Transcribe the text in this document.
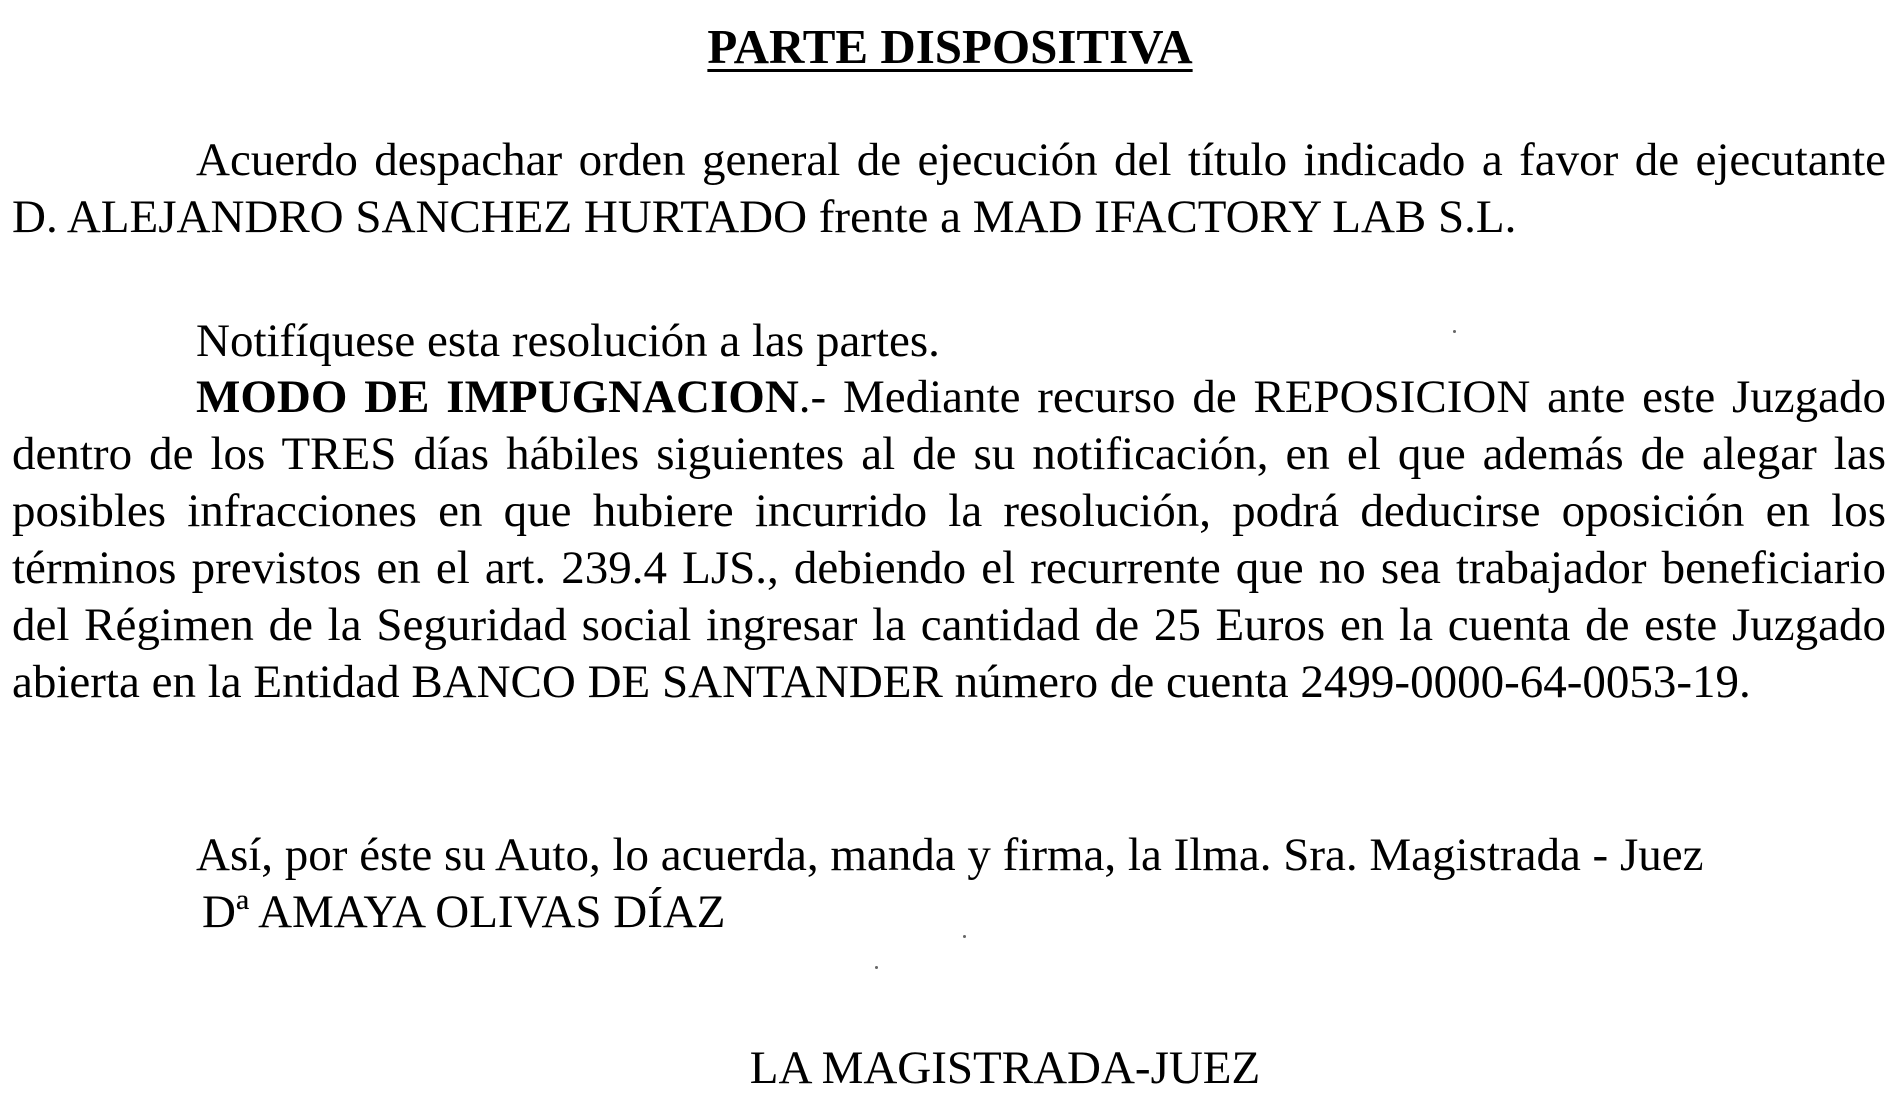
PARTE DISPOSITIVA

Acuerdo despachar orden general de ejecución del título indicado a favor de ejecutante D. ALEJANDRO SANCHEZ HURTADO frente a MAD IFACTORY LAB S.L.

Notifíquese esta resolución a las partes.

MODO DE IMPUGNACION.- Mediante recurso de REPOSICION ante este Juzgado dentro de los TRES días hábiles siguientes al de su notificación, en el que además de alegar las posibles infracciones en que hubiere incurrido la resolución, podrá deducirse oposición en los términos previstos en el art. 239.4 LJS., debiendo el recurrente que no sea trabajador beneficiario del Régimen de la Seguridad social ingresar la cantidad de 25 Euros en la cuenta de este Juzgado abierta en la Entidad BANCO DE SANTANDER número de cuenta 2499-0000-64-0053-19.

Así, por éste su Auto, lo acuerda, manda y firma, la Ilma. Sra. Magistrada - Juez
Dª AMAYA OLIVAS DÍAZ

LA MAGISTRADA-JUEZ
